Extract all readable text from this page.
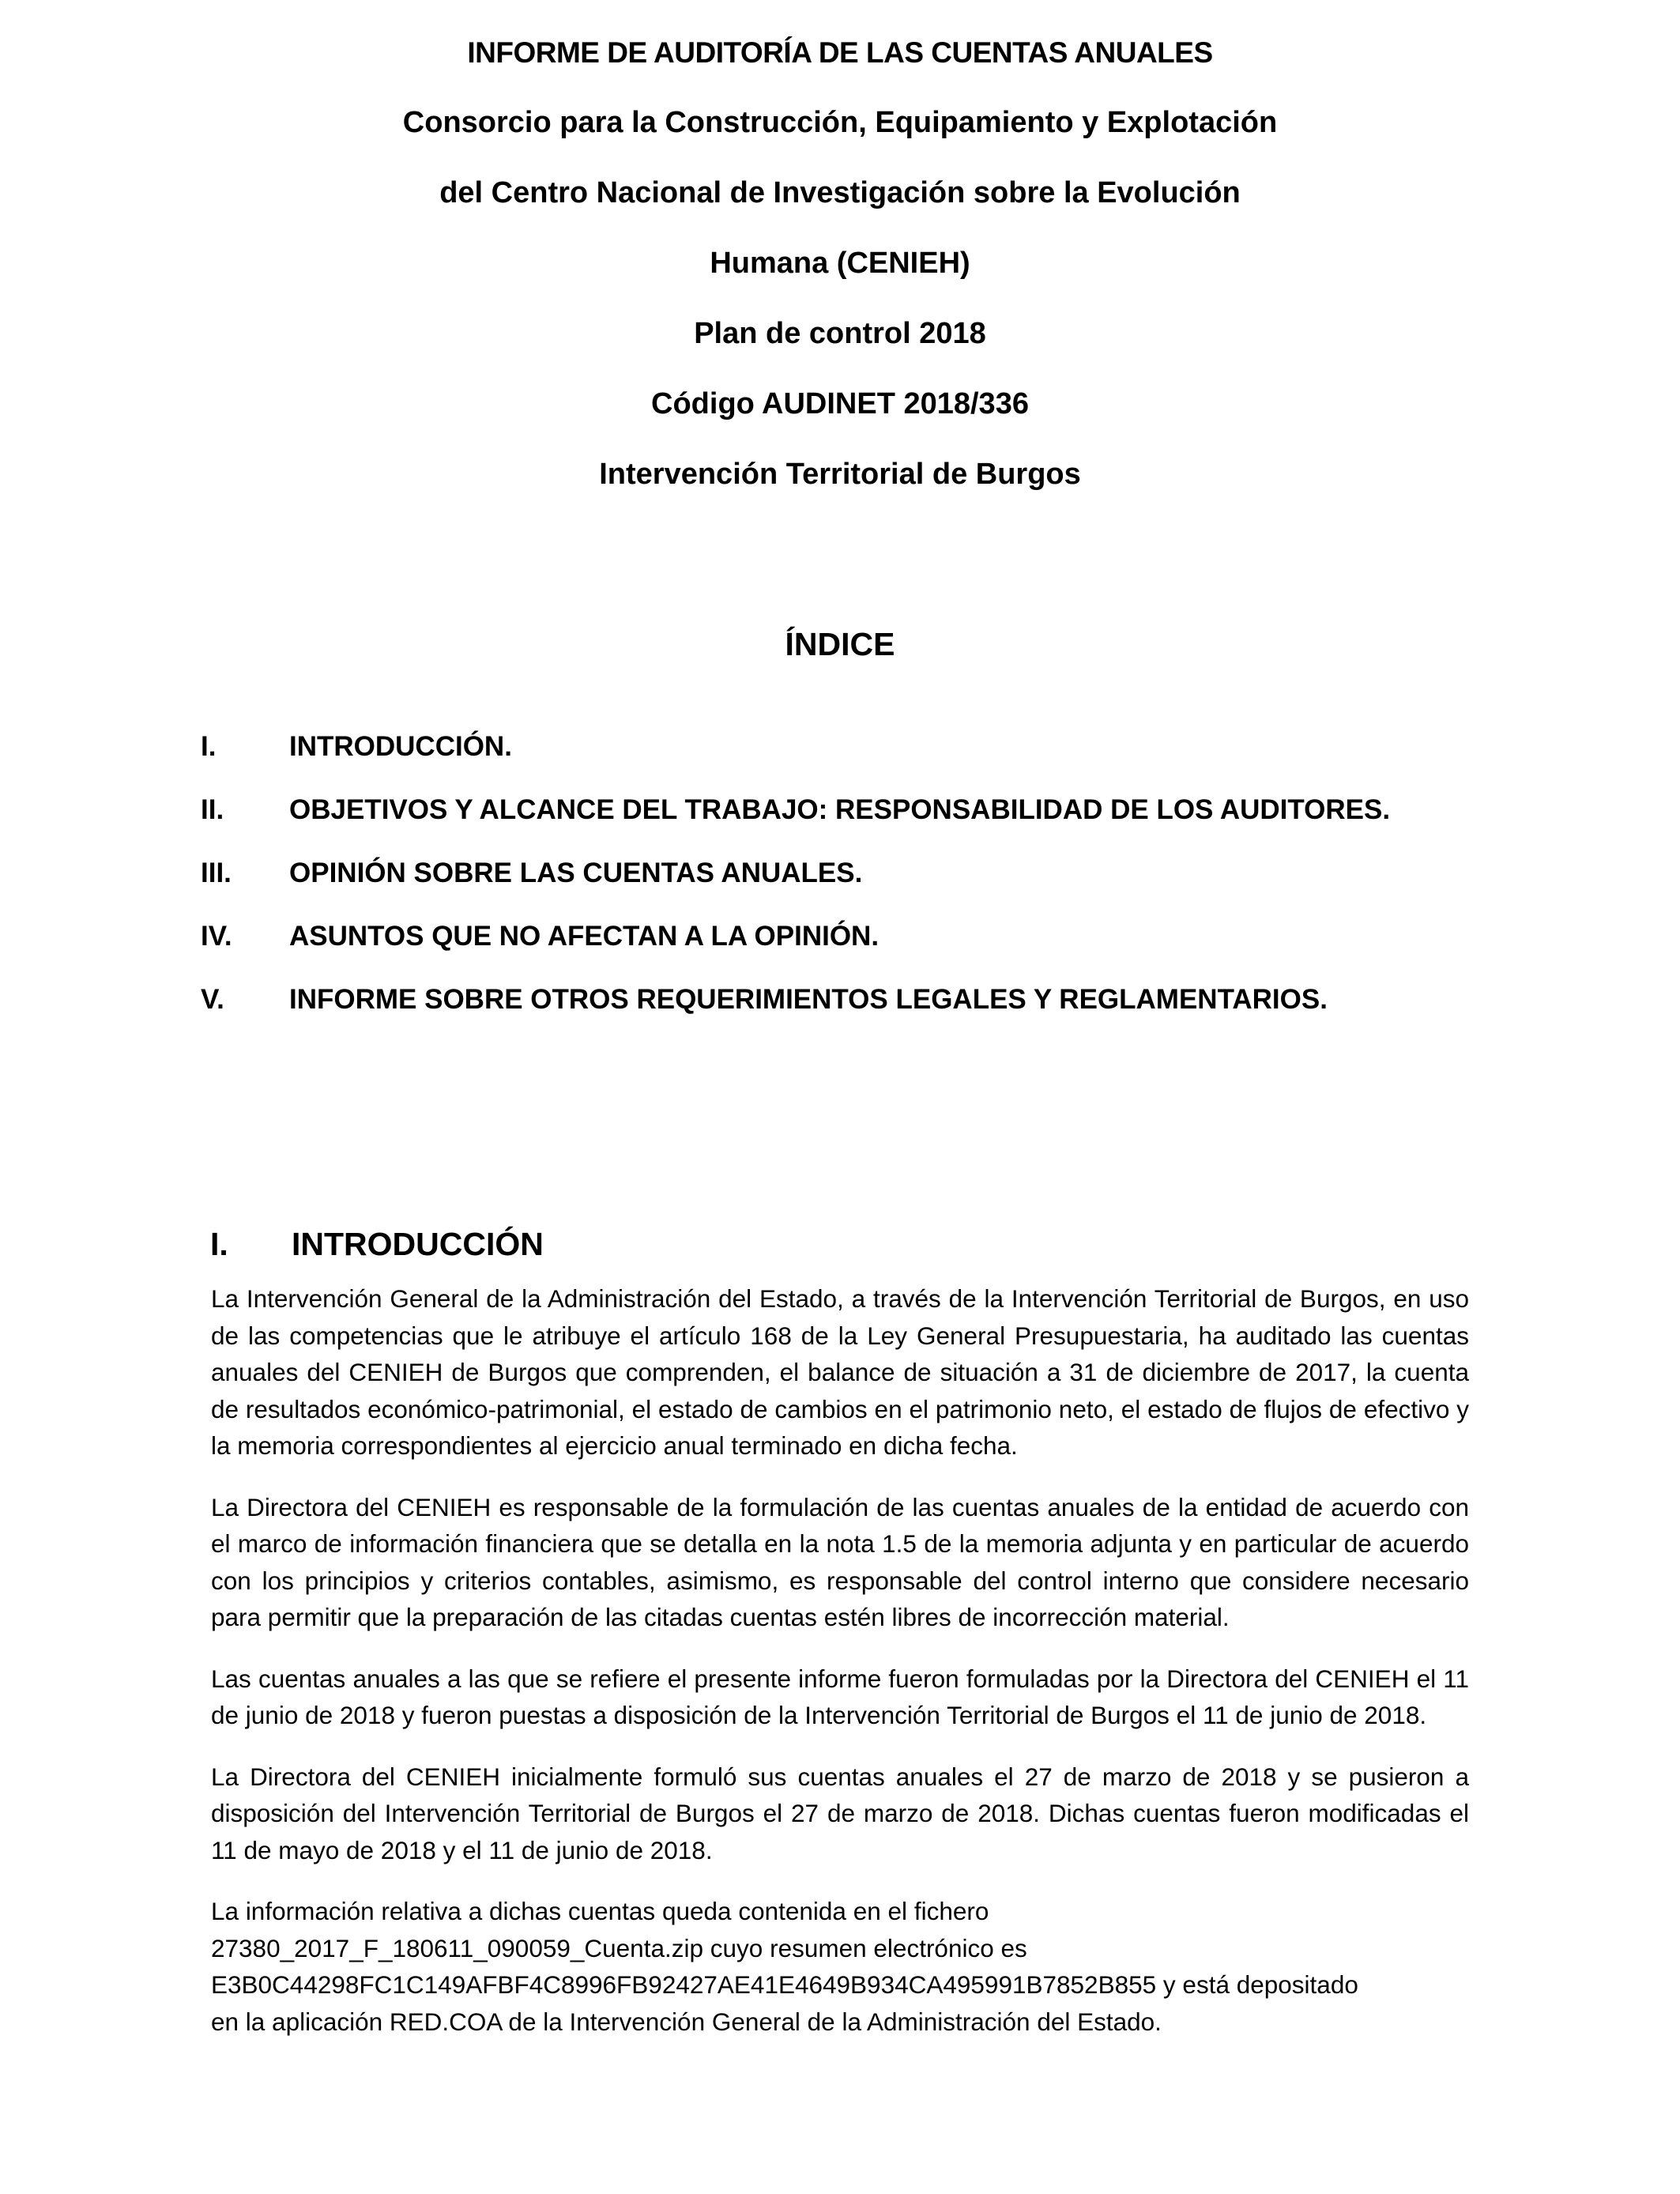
INFORME DE AUDITORÍA DE LAS CUENTAS ANUALES
Consorcio para la Construcción, Equipamiento y Explotación
del Centro Nacional de Investigación sobre la Evolución
Humana (CENIEH)
Plan de control 2018
Código AUDINET 2018/336
Intervención Territorial de Burgos
ÍNDICE
I.	INTRODUCCIÓN.
II.	OBJETIVOS Y ALCANCE DEL TRABAJO: RESPONSABILIDAD DE LOS AUDITORES.
III.	OPINIÓN SOBRE LAS CUENTAS ANUALES.
IV.	ASUNTOS QUE NO AFECTAN A LA OPINIÓN.
V.	INFORME SOBRE OTROS REQUERIMIENTOS LEGALES Y REGLAMENTARIOS.
I.	INTRODUCCIÓN

La Intervención General de la Administración del Estado, a través de la Intervención Territorial de Burgos, en uso de las competencias que le atribuye el artículo 168 de la Ley General Presupuestaria, ha auditado las cuentas anuales del CENIEH de Burgos que comprenden, el balance de situación a 31 de diciembre de 2017, la cuenta de resultados económico-patrimonial, el estado de cambios en el patrimonio neto, el estado de flujos de efectivo y la memoria correspondientes al ejercicio anual terminado en dicha fecha.

La Directora del CENIEH es responsable de la formulación de las cuentas anuales de la entidad de acuerdo con el marco de información financiera que se detalla en la nota 1.5 de la memoria adjunta y en particular de acuerdo con los principios y criterios contables, asimismo, es responsable del control interno que considere necesario para permitir que la preparación de las citadas cuentas estén libres de incorrección material.

Las cuentas anuales a las que se refiere el presente informe fueron formuladas por la Directora del CENIEH el 11 de junio de 2018 y fueron puestas a disposición de la Intervención Territorial de Burgos el 11 de junio de 2018.

La Directora del CENIEH inicialmente formuló sus cuentas anuales el 27 de marzo de 2018 y se pusieron a disposición del Intervención Territorial de Burgos el 27 de marzo de 2018. Dichas cuentas fueron modificadas el 11 de mayo de 2018 y el 11 de junio de 2018.

La información relativa a dichas cuentas queda contenida en el fichero
27380_2017_F_180611_090059_Cuenta.zip cuyo resumen electrónico es
E3B0C44298FC1C149AFBF4C8996FB92427AE41E4649B934CA495991B7852B855 y está depositado
en la aplicación RED.COA de la Intervención General de la Administración del Estado.
